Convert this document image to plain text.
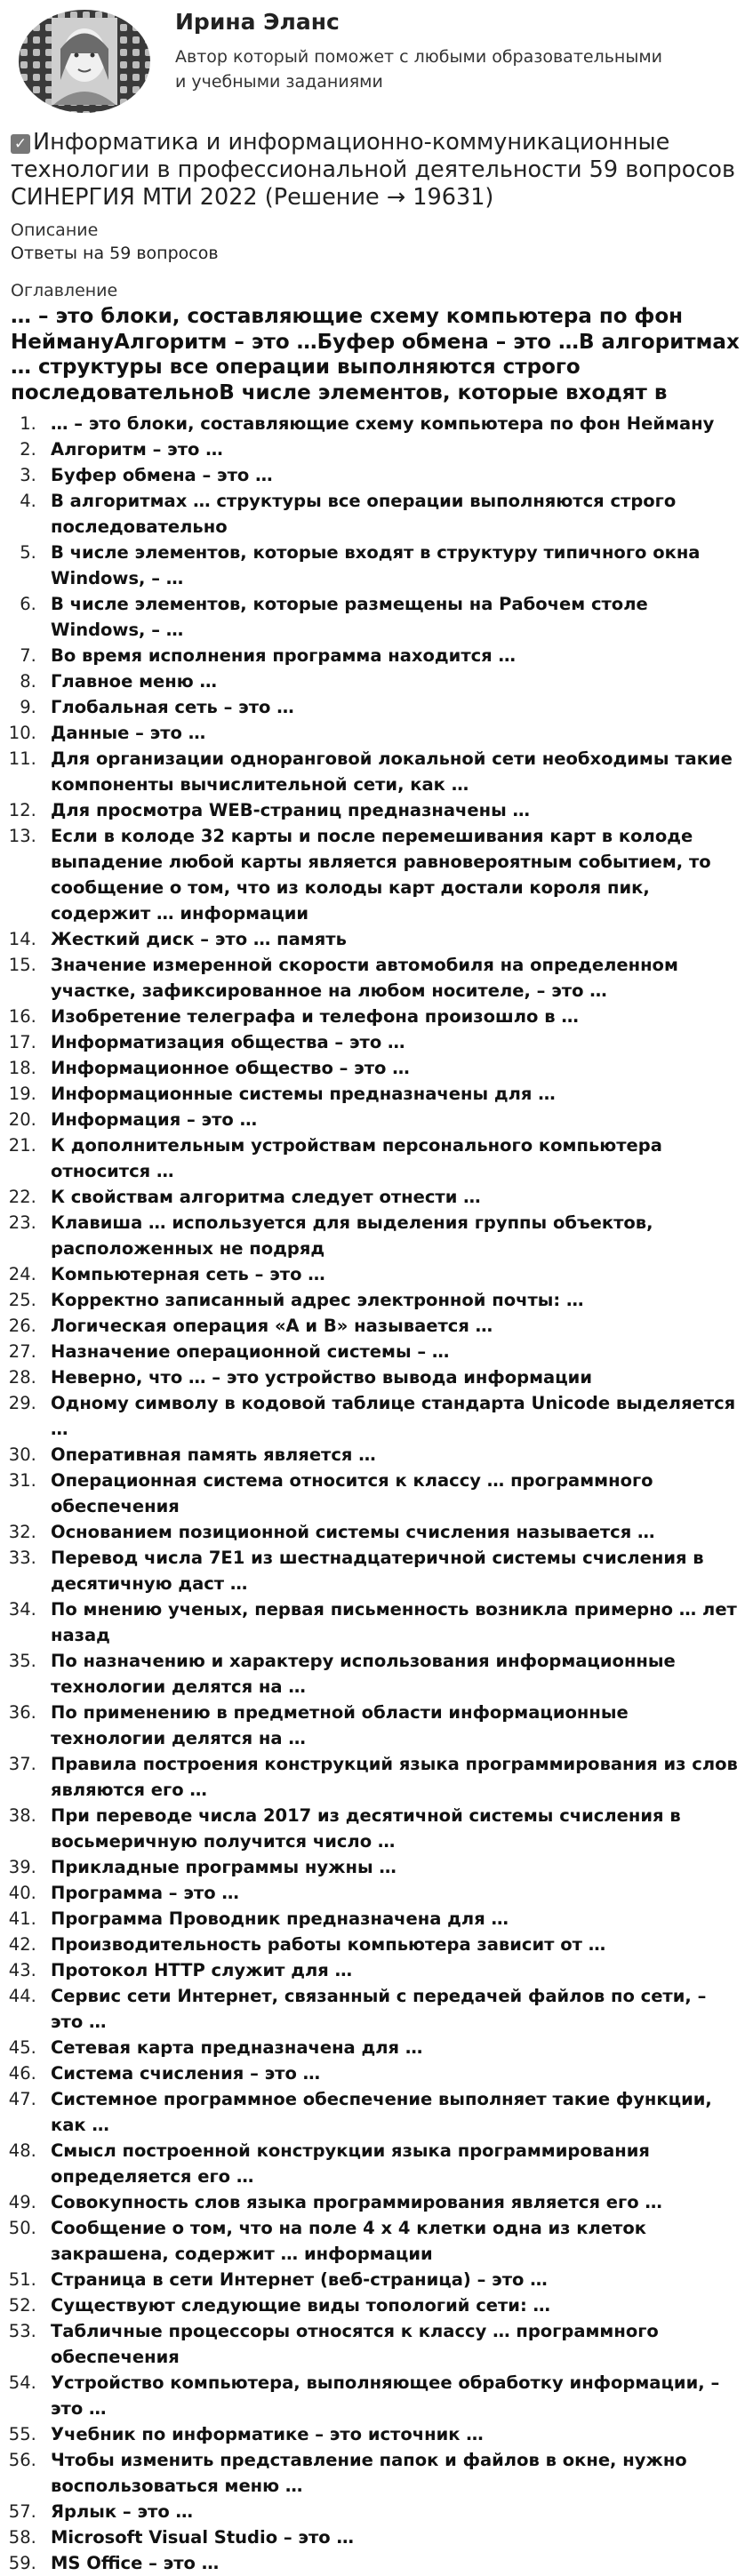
Ирина Эланс
Автор который поможет с любыми образовательными и учебными заданиями
✓ Информатика и информационно-коммуникационные технологии в профессиональной деятельности 59 вопросов СИНЕРГИЯ МТИ 2022 (Решение → 19631)
Описание
Ответы на 59 вопросов
Оглавление
… – это блоки, составляющие схему компьютера по фон НейманyАлгоритм – это …Буфер обмена – это …В алгоритмах … структуры все операции выполняются строго последовательноВ числе элементов, которые входят в
1. … – это блоки, составляющие схему компьютера по фон Нейману
2. Алгоритм – это …
3. Буфер обмена – это …
4. В алгоритмах … структуры все операции выполняются строго последовательно
5. В числе элементов, которые входят в структуру типичного окна Windows, – …
6. В числе элементов, которые размещены на Рабочем столе Windows, – …
7. Во время исполнения программа находится …
8. Главное меню …
9. Глобальная сеть – это …
10. Данные – это …
11. Для организации одноранговой локальной сети необходимы такие компоненты вычислительной сети, как …
12. Для просмотра WEB-страниц предназначены …
13. Если в колоде 32 карты и после перемешивания карт в колоде выпадение любой карты является равновероятным событием, то сообщение о том, что из колоды карт достали короля пик, содержит … информации
14. Жесткий диск – это … память
15. Значение измеренной скорости автомобиля на определенном участке, зафиксированное на любом носителе, – это …
16. Изобретение телеграфа и телефона произошло в …
17. Информатизация общества – это …
18. Информационное общество – это …
19. Информационные системы предназначены для …
20. Информация – это …
21. К дополнительным устройствам персонального компьютера относится …
22. К свойствам алгоритма следует отнести …
23. Клавиша … используется для выделения группы объектов, расположенных не подряд
24. Компьютерная сеть – это …
25. Корректно записанный адрес электронной почты: …
26. Логическая операция «А и В» называется …
27. Назначение операционной системы – …
28. Неверно, что … – это устройство вывода информации
29. Одному символу в кодовой таблице стандарта Unicode выделяется …
30. Оперативная память является …
31. Операционная система относится к классу … программного обеспечения
32. Основанием позиционной системы счисления называется …
33. Перевод числа 7E1 из шестнадцатеричной системы счисления в десятичную даст …
34. По мнению ученых, первая письменность возникла примерно … лет назад
35. По назначению и характеру использования информационные технологии делятся на …
36. По применению в предметной области информационные технологии делятся на …
37. Правила построения конструкций языка программирования из слов являются его …
38. При переводе числа 2017 из десятичной системы счисления в восьмеричную получится число …
39. Прикладные программы нужны …
40. Программа – это …
41. Программа Проводник предназначена для …
42. Производительность работы компьютера зависит от …
43. Протокол HTTP служит для …
44. Сервис сети Интернет, связанный с передачей файлов по сети, – это …
45. Сетевая карта предназначена для …
46. Система счисления – это …
47. Системное программное обеспечение выполняет такие функции, как …
48. Смысл построенной конструкции языка программирования определяется его …
49. Совокупность слов языка программирования является его …
50. Сообщение о том, что на поле 4 x 4 клетки одна из клеток закрашена, содержит … информации
51. Страница в сети Интернет (веб-страница) – это …
52. Существуют следующие виды топологий сети: …
53. Табличные процессоры относятся к классу … программного обеспечения
54. Устройство компьютера, выполняющее обработку информации, – это …
55. Учебник по информатике – это источник …
56. Чтобы изменить представление папок и файлов в окне, нужно воспользоваться меню …
57. Ярлык – это …
58. Microsoft Visual Studio – это …
59. MS Office – это …
